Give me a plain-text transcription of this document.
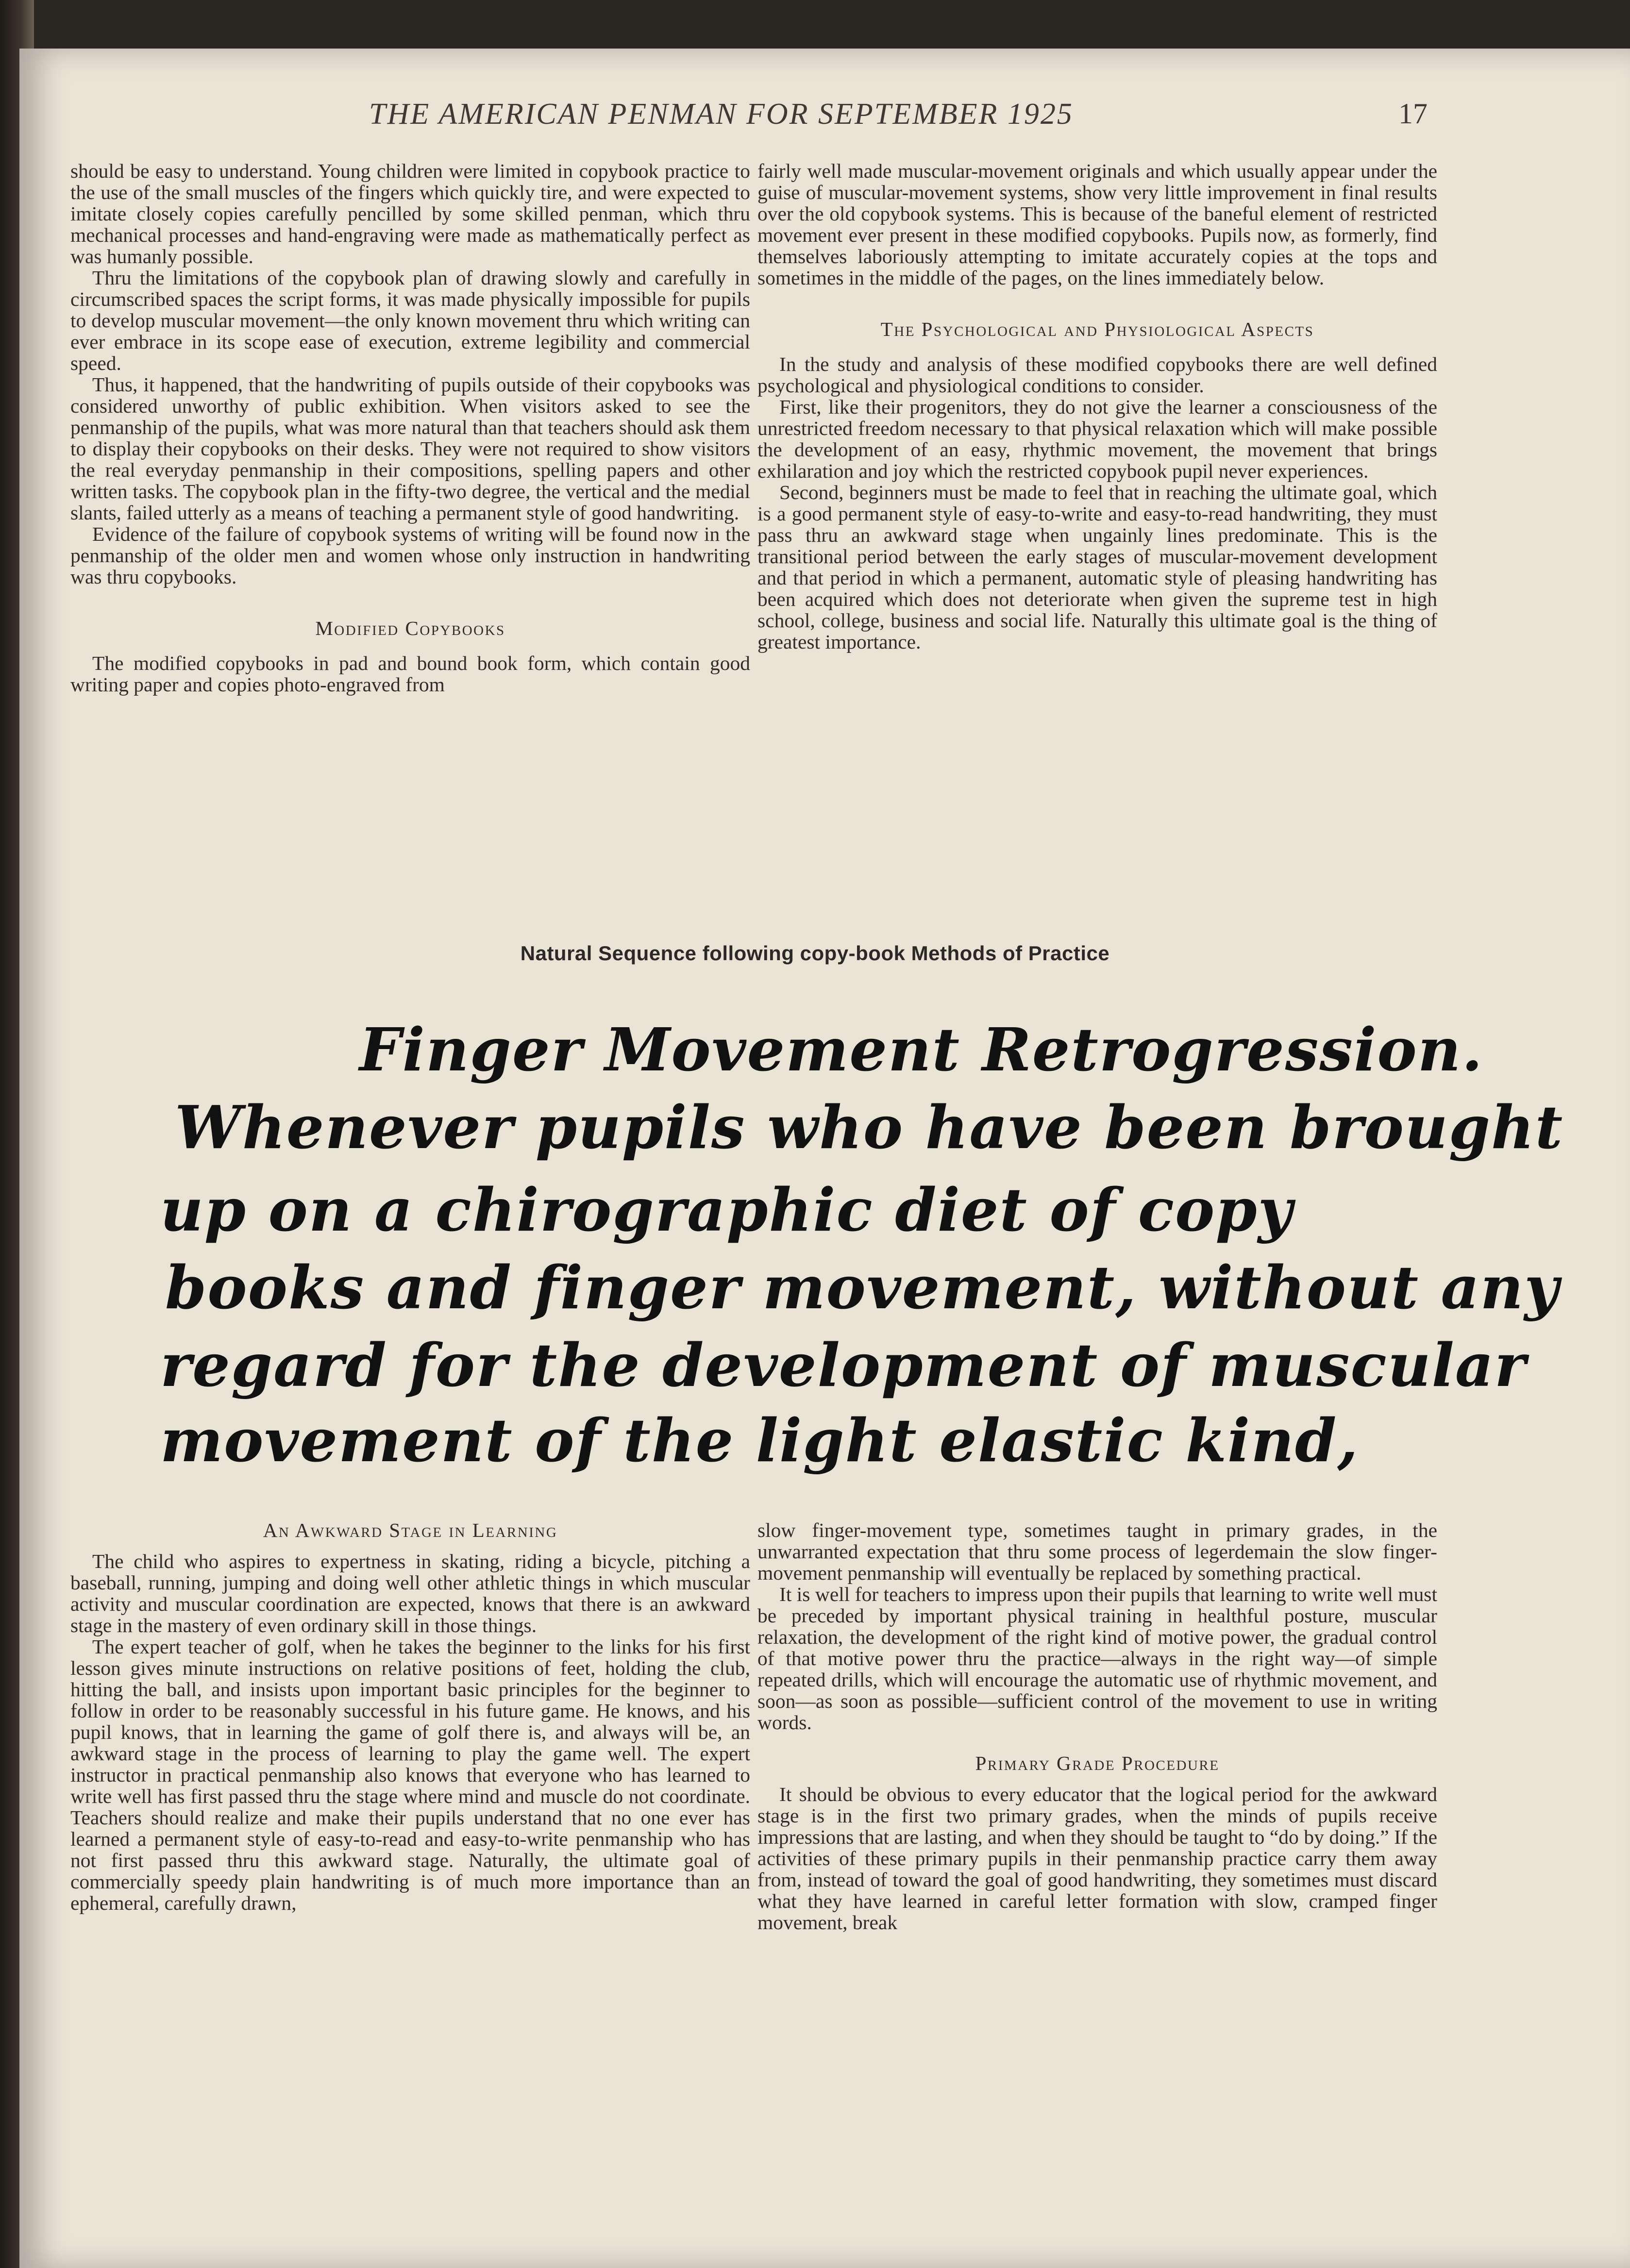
THE AMERICAN PENMAN FOR SEPTEMBER 1925	17

should be easy to understand. Young children were limited in copybook practice to the use of the small muscles of the fingers which quickly tire, and were expected to imitate closely copies carefully pencilled by some skilled penman, which thru mechanical processes and hand-engraving were made as mathematically perfect as was humanly possible.

Thru the limitations of the copybook plan of drawing slowly and carefully in circumscribed spaces the script forms, it was made physically impossible for pupils to develop muscular movement—the only known movement thru which writing can ever embrace in its scope ease of execution, extreme legibility and commercial speed.

Thus, it happened, that the handwriting of pupils outside of their copybooks was considered unworthy of public exhibition. When visitors asked to see the penmanship of the pupils, what was more natural than that teachers should ask them to display their copybooks on their desks. They were not required to show visitors the real everyday penmanship in their compositions, spelling papers and other written tasks. The copybook plan in the fifty-two degree, the vertical and the medial slants, failed utterly as a means of teaching a permanent style of good handwriting.

Evidence of the failure of copybook systems of writing will be found now in the penmanship of the older men and women whose only instruction in handwriting was thru copybooks.

Modified Copybooks

The modified copybooks in pad and bound book form, which contain good writing paper and copies photo-engraved from

fairly well made muscular-movement originals and which usually appear under the guise of muscular-movement systems, show very little improvement in final results over the old copybook systems. This is because of the baneful element of restricted movement ever present in these modified copybooks. Pupils now, as formerly, find themselves laboriously attempting to imitate accurately copies at the tops and sometimes in the middle of the pages, on the lines immediately below.

The Psychological and Physiological Aspects

In the study and analysis of these modified copybooks there are well defined psychological and physiological conditions to consider.

First, like their progenitors, they do not give the learner a consciousness of the unrestricted freedom necessary to that physical relaxation which will make possible the development of an easy, rhythmic movement, the movement that brings exhilaration and joy which the restricted copybook pupil never experiences.

Second, beginners must be made to feel that in reaching the ultimate goal, which is a good permanent style of easy-to-write and easy-to-read handwriting, they must pass thru an awkward stage when ungainly lines predominate. This is the transitional period between the early stages of muscular-movement development and that period in which a permanent, automatic style of pleasing handwriting has been acquired which does not deteriorate when given the supreme test in high school, college, business and social life. Naturally this ultimate goal is the thing of greatest importance.

Natural Sequence following copy-book Methods of Practice
Finger Movement Retrogression.
Whenever pupils who have been brought
up on a chirographic diet of copy
books and finger movement, without any
regard for the development of muscular
movement of the light elastic kind,
An Awkward Stage in Learning

The child who aspires to expertness in skating, riding a bicycle, pitching a baseball, running, jumping and doing well other athletic things in which muscular activity and muscular coordination are expected, knows that there is an awkward stage in the mastery of even ordinary skill in those things.

The expert teacher of golf, when he takes the beginner to the links for his first lesson gives minute instructions on relative positions of feet, holding the club, hitting the ball, and insists upon important basic principles for the beginner to follow in order to be reasonably successful in his future game. He knows, and his pupil knows, that in learning the game of golf there is, and always will be, an awkward stage in the process of learning to play the game well. The expert instructor in practical penmanship also knows that everyone who has learned to write well has first passed thru the stage where mind and muscle do not coordinate. Teachers should realize and make their pupils understand that no one ever has learned a permanent style of easy-to-read and easy-to-write penmanship who has not first passed thru this awkward stage. Naturally, the ultimate goal of commercially speedy plain handwriting is of much more importance than an ephemeral, carefully drawn,

slow finger-movement type, sometimes taught in primary grades, in the unwarranted expectation that thru some process of legerdemain the slow finger-movement penmanship will eventually be replaced by something practical.

It is well for teachers to impress upon their pupils that learning to write well must be preceded by important physical training in healthful posture, muscular relaxation, the development of the right kind of motive power, the gradual control of that motive power thru the practice—always in the right way—of simple repeated drills, which will encourage the automatic use of rhythmic movement, and soon—as soon as possible—sufficient control of the movement to use in writing words.

Primary Grade Procedure

It should be obvious to every educator that the logical period for the awkward stage is in the first two primary grades, when the minds of pupils receive impressions that are lasting, and when they should be taught to “do by doing.” If the activities of these primary pupils in their penmanship practice carry them away from, instead of toward the goal of good handwriting, they sometimes must discard what they have learned in careful letter formation with slow, cramped finger movement, break
